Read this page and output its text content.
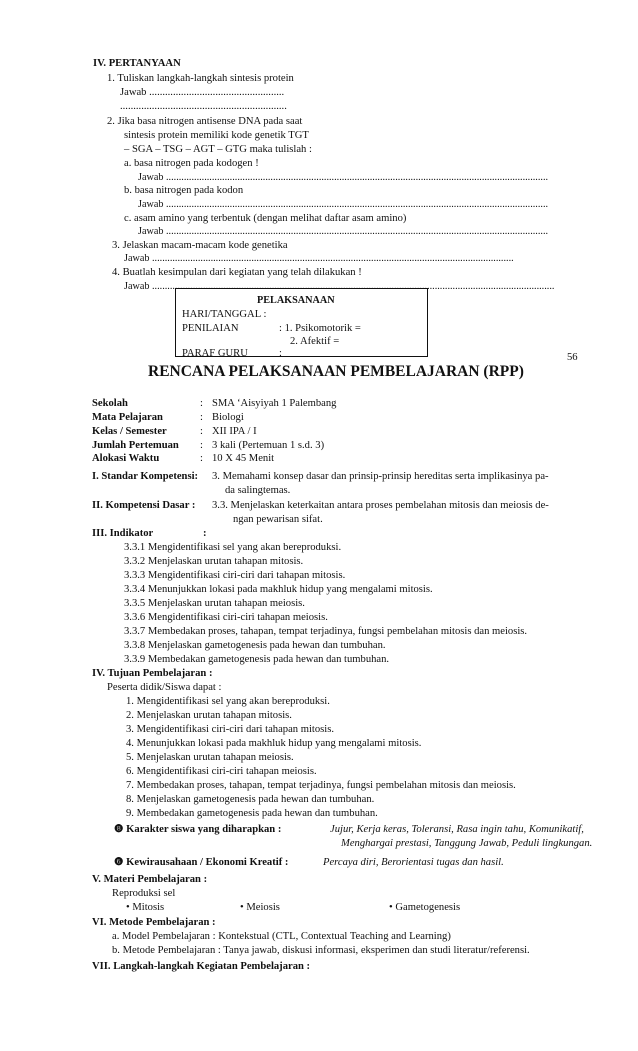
IV. PERTANYAAN
1. Tuliskan langkah-langkah sintesis protein
Jawab ...................................................
...............................................................
2. Jika basa nitrogen antisense DNA pada saat
sintesis protein memiliki kode genetik TGT
– SGA – TSG – AGT – GTG maka tulislah :
a. basa nitrogen pada kodogen !
Jawab ......................................................................................................................................................
b. basa nitrogen pada kodon
Jawab ......................................................................................................................................................
c. asam amino yang terbentuk (dengan melihat daftar asam amino)
Jawab ......................................................................................................................................................
3. Jelaskan macam-macam kode genetika
Jawab ..............................................................................................................................................
4. Buatlah kesimpulan dari kegiatan yang telah dilakukan !
Jawab ..............................................................................................................................................................
PELAKSANAAN
HARI/TANGGAL :
PENILAIAN	: 1. Psikomotorik =
2. Afektif =
PARAF GURU	:	56
RENCANA PELAKSANAAN PEMBELAJARAN (RPP)
Sekolah	: SMA ‘Aisyiyah 1 Palembang
Mata Pelajaran	: Biologi
Kelas / Semester	: XII IPA / I
Jumlah Pertemuan : 3 kali (Pertemuan 1 s.d. 3)
Alokasi Waktu	: 10 X 45 Menit
I. Standar Kompetensi: 3. Memahami konsep dasar dan prinsip-prinsip hereditas serta implikasinya pa-
da salingtemas.
II. Kompetensi Dasar : 3.3. Menjelaskan keterkaitan antara proses pembelahan mitosis dan meiosis de-
ngan pewarisan sifat.
III. Indikator	:
3.3.1 Mengidentifikasi sel yang akan bereproduksi.
3.3.2 Menjelaskan urutan tahapan mitosis.
3.3.3 Mengidentifikasi ciri-ciri dari tahapan mitosis.
3.3.4 Menunjukkan lokasi pada makhluk hidup yang mengalami mitosis.
3.3.5 Menjelaskan urutan tahapan meiosis.
3.3.6 Mengidentifikasi ciri-ciri tahapan meiosis.
3.3.7 Membedakan proses, tahapan, tempat terjadinya, fungsi pembelahan mitosis dan meiosis.
3.3.8 Menjelaskan gametogenesis pada hewan dan tumbuhan.
3.3.9 Membedakan gametogenesis pada hewan dan tumbuhan.
IV. Tujuan Pembelajaran :
Peserta didik/Siswa dapat :
1. Mengidentifikasi sel yang akan bereproduksi.
2. Menjelaskan urutan tahapan mitosis.
3. Mengidentifikasi ciri-ciri dari tahapan mitosis.
4. Menunjukkan lokasi pada makhluk hidup yang mengalami mitosis.
5. Menjelaskan urutan tahapan meiosis.
6. Mengidentifikasi ciri-ciri tahapan meiosis.
7. Membedakan proses, tahapan, tempat terjadinya, fungsi pembelahan mitosis dan meiosis.
8. Menjelaskan gametogenesis pada hewan dan tumbuhan.
9. Membedakan gametogenesis pada hewan dan tumbuhan.
❽ Karakter siswa yang diharapkan :	Jujur, Kerja keras, Toleransi, Rasa ingin tahu, Komunikatif,
Menghargai prestasi, Tanggung Jawab, Peduli lingkungan.
❻ Kewirausahaan / Ekonomi Kreatif :	Percaya diri, Berorientasi tugas dan hasil.
V. Materi Pembelajaran :
Reproduksi sel
• Mitosis	• Meiosis	• Gametogenesis
VI. Metode Pembelajaran :
a. Model Pembelajaran : Kontekstual (CTL, Contextual Teaching and Learning)
b. Metode Pembelajaran : Tanya jawab, diskusi informasi, eksperimen dan studi literatur/referensi.
VII. Langkah-langkah Kegiatan Pembelajaran :
